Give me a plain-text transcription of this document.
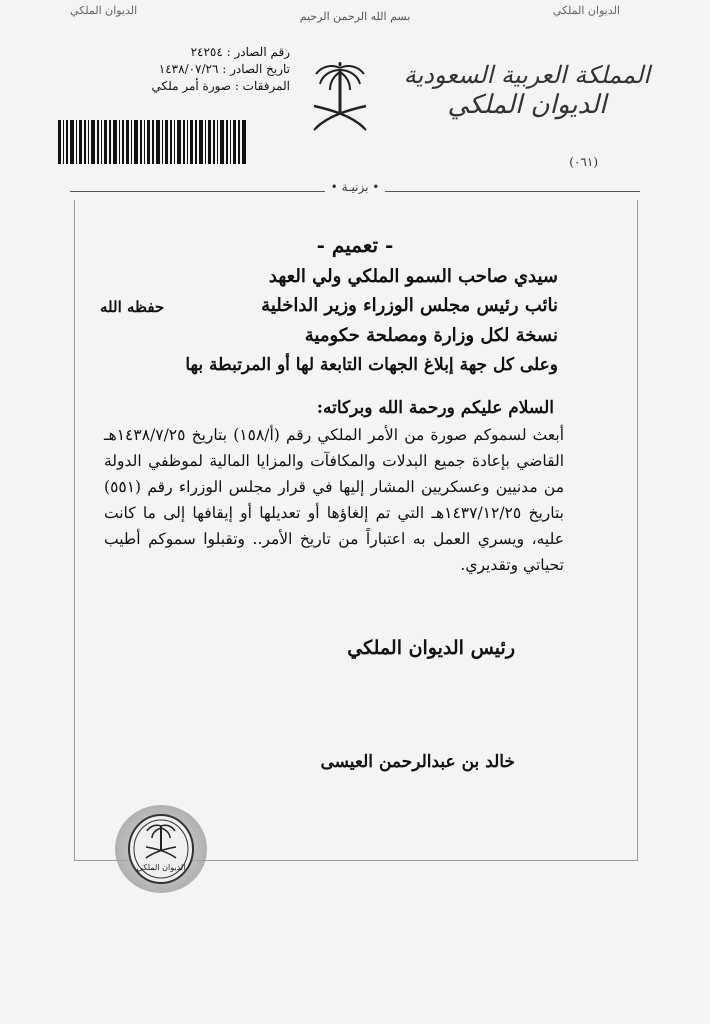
الديوان الملكي
الديوان الملكي	بسم الله الرحمن الرحيم
المملكة العربية السعودية
الديوان الملكي
(٠٦١)
رقم الصادر : ٢٤٢٥٤
تاريخ الصادر : ١٤٣٨/٠٧/٢٦
المرفقات : صورة أمر ملكي
• بزنيـة •
- تعميم -
سيدي صاحب السمو الملكي ولي العهد
نائب رئيس مجلس الوزراء وزير الداخلية
نسخة لكل وزارة ومصلحة حكومية
وعلى كل جهة إبلاغ الجهات التابعة لها أو المرتبطة بها
حفظه الله
السلام عليكم ورحمة الله وبركاته:

أبعث لسموكم صورة من الأمر الملكي رقم (أ/١٥٨) بتاريخ ١٤٣٨/٧/٢٥هـ القاضي بإعادة جميع البدلات والمكافآت والمزايا المالية لموظفي الدولة من مدنيين وعسكريين المشار إليها في قرار مجلس الوزراء رقم (٥٥١) بتاريخ ١٤٣٧/١٢/٢٥هـ التي تم إلغاؤها أو تعديلها أو إيقافها إلى ما كانت عليه، ويسري العمل به اعتباراً من تاريخ الأمر.. وتقبلوا سموكم أطيب تحياتي وتقديري.

رئيس الديوان الملكي
خالد بن عبدالرحمن العيسى
الديوان الملكي
